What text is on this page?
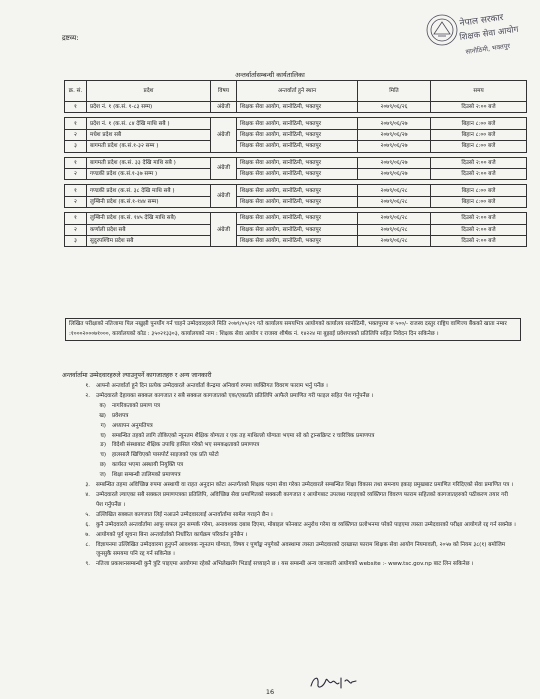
द्रष्टव्य:
नेपाल सरकार
शिक्षक सेवा आयोग
सानोठिमी, भक्तपुर
अन्तर्वार्तासम्बन्धी कार्यतालिका
क्र. सं.	प्रदेश	विषय	अन्तर्वार्ता हुने स्थान	मिति	समय
१	प्रदेश नं. १ (क.सं. १-८३ सम्म)	अंग्रेजी	शिक्षक सेवा आयोग, सानोठिमी, भक्तपुर	२०७९/०६/२६	दिउसो २:०० बजे

१	प्रदेश नं. १ (क.सं. ८४ देखि माथि सबै )	अंग्रेजी	शिक्षक सेवा आयोग, सानोठिमी, भक्तपुर	२०७९/०६/२७	बिहान ८:०० बजे
२	मधेश प्रदेश सबै		शिक्षक सेवा आयोग, सानोठिमी, भक्तपुर	२०७९/०६/२७	बिहान ८:०० बजे
३	बागमती प्रदेश (क.सं.१-३२ सम्म )		शिक्षक सेवा आयोग, सानोठिमी, भक्तपुर	२०७९/०६/२७	बिहान ८:०० बजे

१	बागमती प्रदेश (क.सं. ३३ देखि माथि सबै )	अंग्रेजी	शिक्षक सेवा आयोग, सानोठिमी, भक्तपुर	२०७९/०६/२७	दिउसो २:०० बजे
२	गण्डकी प्रदेश (क.सं.१-३७ सम्म )		शिक्षक सेवा आयोग, सानोठिमी, भक्तपुर	२०७९/०६/२७	दिउसो २:०० बजे

१	गण्डकी प्रदेश (क.सं. ३८ देखि माथि सबै )	अंग्रेजी	शिक्षक सेवा आयोग, सानोठिमी, भक्तपुर	२०७९/०६/२८	बिहान ८:०० बजे
२	लुम्बिनी प्रदेश (क.सं.१-१४४ सम्म)		शिक्षक सेवा आयोग, सानोठिमी, भक्तपुर	२०७९/०६/२८	बिहान ८:०० बजे

१	लुम्बिनी प्रदेश (क.सं. १४५ देखि माथि सबै)	अंग्रेजी	शिक्षक सेवा आयोग, सानोठिमी, भक्तपुर	२०७९/०६/२८	दिउसो २:०० बजे
२	कर्णाली प्रदेश सबै		शिक्षक सेवा आयोग, सानोठिमी, भक्तपुर	२०७९/०६/२८	दिउसो २:०० बजे
३	सुदुरपश्चिम प्रदेश सबै		शिक्षक सेवा आयोग, सानोठिमी, भक्तपुर	२०७९/०६/२८	दिउसो २:०० बजे
लिखित परीक्षाको नतिजामा पिल नखुझी पुनर्योग गर्न चाहने उम्मेदवारहरुले मिति २०७९/०५/२९ गते कार्यालय समयभित्र आयोगको कार्यालय सानोठिमी, भक्तपुरमा रु ५००/- राजस्व दस्तुर राष्ट्रिय वाणिज्य बैंकको खाता नम्बर :१०००२०००७१०००, कार्यालयको कोड : ३५०२१३३०३, कार्यालयको नाम : शिक्षक सेवा आयोग र राजस्व शीर्षक नं. १४२२४ मा बुझाई प्रवेशपत्रको प्रतिलिपि सहित निवेदन दिन सकिनेछ ।
अन्तर्वार्तामा उम्मेदवारहरुले ल्याउनुपर्ने कागजातहरु र अन्य जानकारी
१.	आफ्नो अन्तर्वार्ता हुने दिन प्रत्येक उम्मेदवारले अन्तर्वार्ता केन्द्रमा अनिवार्य रुपमा व्यक्तिगत विवरण फाराम भर्नु पर्नेछ ।
२.	उम्मेदवारले देहायका सक्कल कागजात र सबै सक्कल कागजातको एक/एकप्रति प्रतिलिपि आफैले प्रमाणित गरी फाइल सहित पेश गर्नुपर्नेछ ।
क)	नागरिकताको प्रमाण पत्र
ख)	प्रवेशपत्र
ग)	अध्यापन अनुमतिपत्र
घ)	सम्बन्धित तहको लागि तोकिएको न्यूनतम शैक्षिक योग्यता र एक तह माथिल्लो योग्यता भएमा सो को ट्रान्सक्रिप्ट र चारित्रिक प्रमाणपत्र
ङ)	विदेशी संस्थाबाट शैक्षिक उपाधि हासिल गरेको भए समकक्षताको प्रमाणपत्र
च)	हालसालै खिचिएको पासपोर्ट साइजको एक प्रति फोटो
छ)	कार्यरत भएमा अस्थायी नियुक्ति पत्र
ज)	शिक्षा सम्बन्धी तालिमको प्रमाणपत्र
३.	सम्बन्धित तहमा अविच्छिन्न रुपमा अस्थायी वा राहत अनुदान कोटा अन्तर्गतको शिक्षक पदमा सेवा गरेका उम्मेदवारले सम्बन्धित शिक्षा विकास तथा समन्वय इकाइ प्रमुखबाट प्रमाणित गरिदिएको सेवा प्रमाणित पत्र ।
४.	उम्मेदवारले ल्याएका सबै सक्कल प्रमाणपत्रका प्रतिलिपि, अविच्छिन्न सेवा प्रमाणितको सक्कली कागजात र आयोगबाट उपलब्ध गराइएको व्यक्तिगत विवरण फाराम सहितको कागजातहरुको पठीकरण तयार गरी पेश गर्नुपर्नेछ ।
५.	उल्लिखित सक्कल कागजात लिई नआउने उम्मेदवारलाई अन्तर्वार्तामा सामेल गराइने छैन ।
६.	कुनै उम्मेदवारले अन्तर्वार्तामा आफू सफल हुन सम्पर्क गरेमा, अनावश्यक दबाब दिएमा, मोबाइल फोनबाट अनुरोध गरेमा वा व्यक्तिगत प्रलोभनमा परेको पाइएमा त्यस्ता उम्मेदवारको परीक्षा आयोगले रद्द गर्न सक्नेछ ।
७.	आयोगको पूर्व सूचना बिना अन्तर्वार्ताको निर्धारित कार्यक्रम परिवर्तन हुनेछैन ।
८.	विज्ञापनमा उल्लिखित उम्मेदवारमा हुनुपर्ने आवश्यक न्यूनतम योग्यता, विषय र पूर्णाङ्क नपुगेको अवस्थामा त्यस्ता उम्मेदवारको दरखास्त फाराम शिक्षक सेवा आयोग नियमावली, २०५७ को नियम ३८(१) बमोजिम जुनसुकै समयमा पनि रद्द गर्न सकिनेछ ।
९.	नतिजा प्रकाशनसम्बन्धी कुनै त्रुटि पाइएमा आयोगमा रहेको अभिलेखसँग भिडाई सच्याइने छ । यस सम्बन्धी अन्य जानकारी आयोगको website :- www.tsc.gov.np बाट लिन सकिनेछ ।
16
